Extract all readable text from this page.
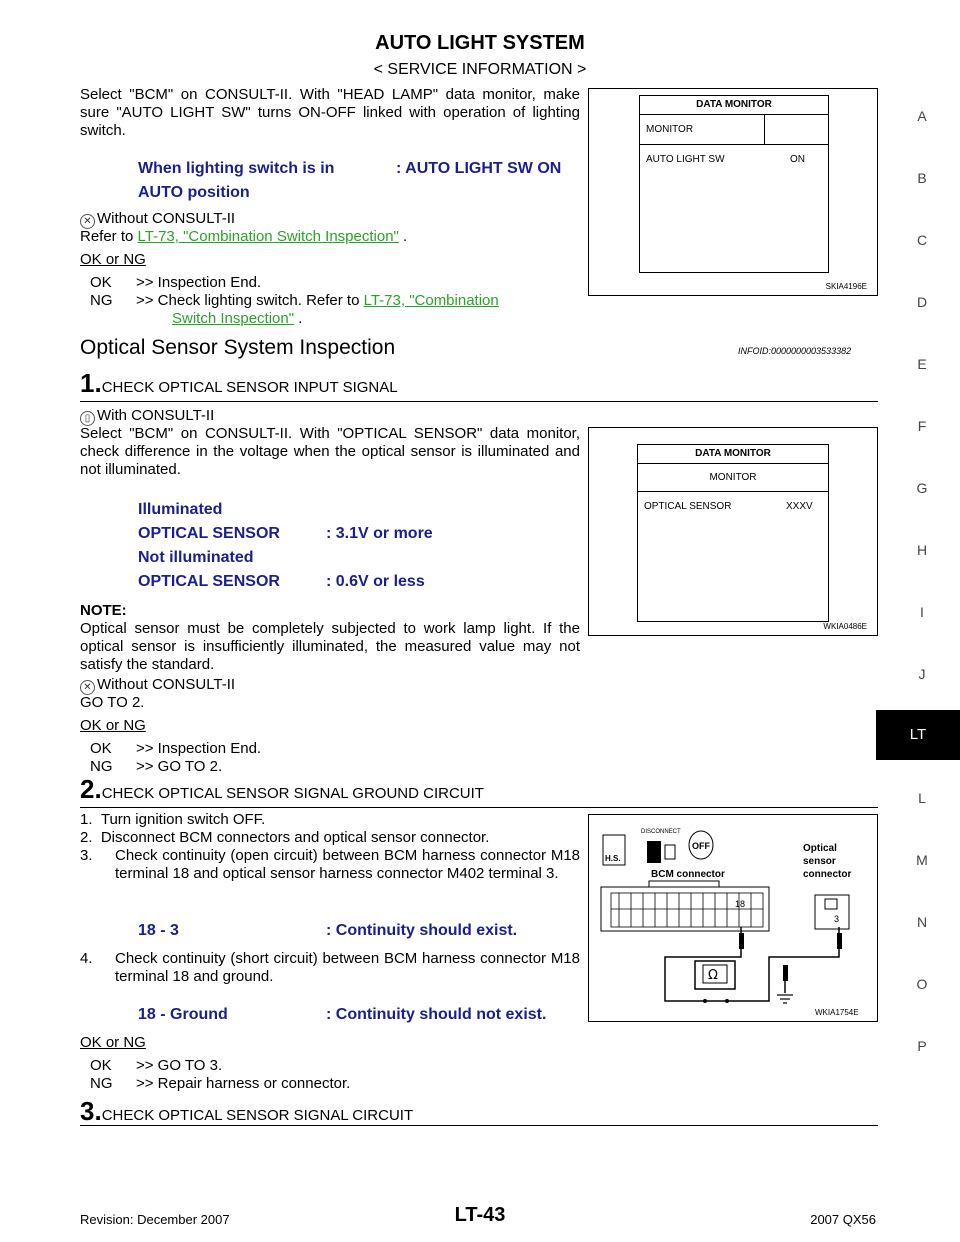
AUTO LIGHT SYSTEM
< SERVICE INFORMATION >
Select "BCM" on CONSULT-II. With "HEAD LAMP" data monitor, make sure "AUTO LIGHT SW" turns ON-OFF linked with operation of lighting switch.
When lighting switch is in AUTO position
: AUTO LIGHT SW ON
✕ Without CONSULT-II
Refer to LT-73, "Combination Switch Inspection" .
OK or NG
OK >> Inspection End.
NG >> Check lighting switch. Refer to LT-73, "Combination
Switch Inspection" .
DATA MONITOR
MONITOR
AUTO LIGHT SW	ON
SKIA4196E
Optical Sensor System Inspection	INFOID:0000000003533382
1.CHECK OPTICAL SENSOR INPUT SIGNAL
▯ With CONSULT-II
Select "BCM" on CONSULT-II. With "OPTICAL SENSOR" data monitor, check difference in the voltage when the optical sensor is illuminated and not illuminated.
Illuminated
OPTICAL SENSOR	: 3.1V or more
Not illuminated
OPTICAL SENSOR	: 0.6V or less
NOTE:
Optical sensor must be completely subjected to work lamp light. If the optical sensor is insufficiently illuminated, the measured value may not satisfy the standard.
✕ Without CONSULT-II
GO TO 2.
OK or NG
OK >> Inspection End.
NG >> GO TO 2.
DATA MONITOR
MONITOR
OPTICAL SENSOR	XXXV
WKIA0486E
2.CHECK OPTICAL SENSOR SIGNAL GROUND CIRCUIT
1.  Turn ignition switch OFF.
2.  Disconnect BCM connectors and optical sensor connector.
3. Check continuity (open circuit) between BCM harness connector M18 terminal 18 and optical sensor harness connector M402 terminal 3.
18 - 3	: Continuity should exist.
4. Check continuity (short circuit) between BCM harness connector M18 terminal 18 and ground.
18 - Ground	: Continuity should not exist.
OK or NG
OK >> GO TO 3.
NG >> Repair harness or connector.
H.S.
DISCONNECT
OFF
BCM connector
18
Optical
sensor
connector
3
Ω
WKIA1754E
3.CHECK OPTICAL SENSOR SIGNAL CIRCUIT
A
B
C
D
E
F
G
H
I
J
LT
L
M
N
O
P
Revision: December 2007	LT-43	2007 QX56
